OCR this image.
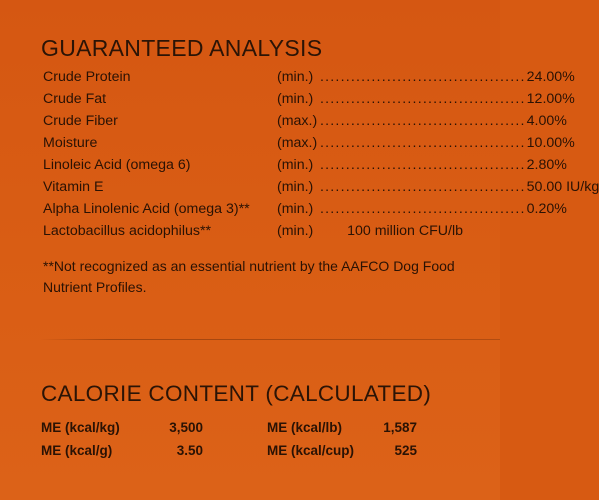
GUARANTEED ANALYSIS
Crude Protein	(min.) ........................................ 24.00%
Crude Fat	(min.) ........................................ 12.00%
Crude Fiber	(max.) ........................................ 4.00%
Moisture	(max.) ........................................ 10.00%
Linoleic Acid (omega 6)	(min.) ........................................ 2.80%
Vitamin E	(min.) ........................................ 50.00 IU/kg
Alpha Linolenic Acid (omega 3)** (min.) ........................................ 0.20%
Lactobacillus acidophilus**	(min.) 100 million CFU/lb
**Not recognized as an essential nutrient by the AAFCO Dog Food Nutrient Profiles.
CALORIE CONTENT (CALCULATED)
ME (kcal/kg)	3,500	ME (kcal/lb)	1,587
ME (kcal/g)	3.50	ME (kcal/cup)	525
